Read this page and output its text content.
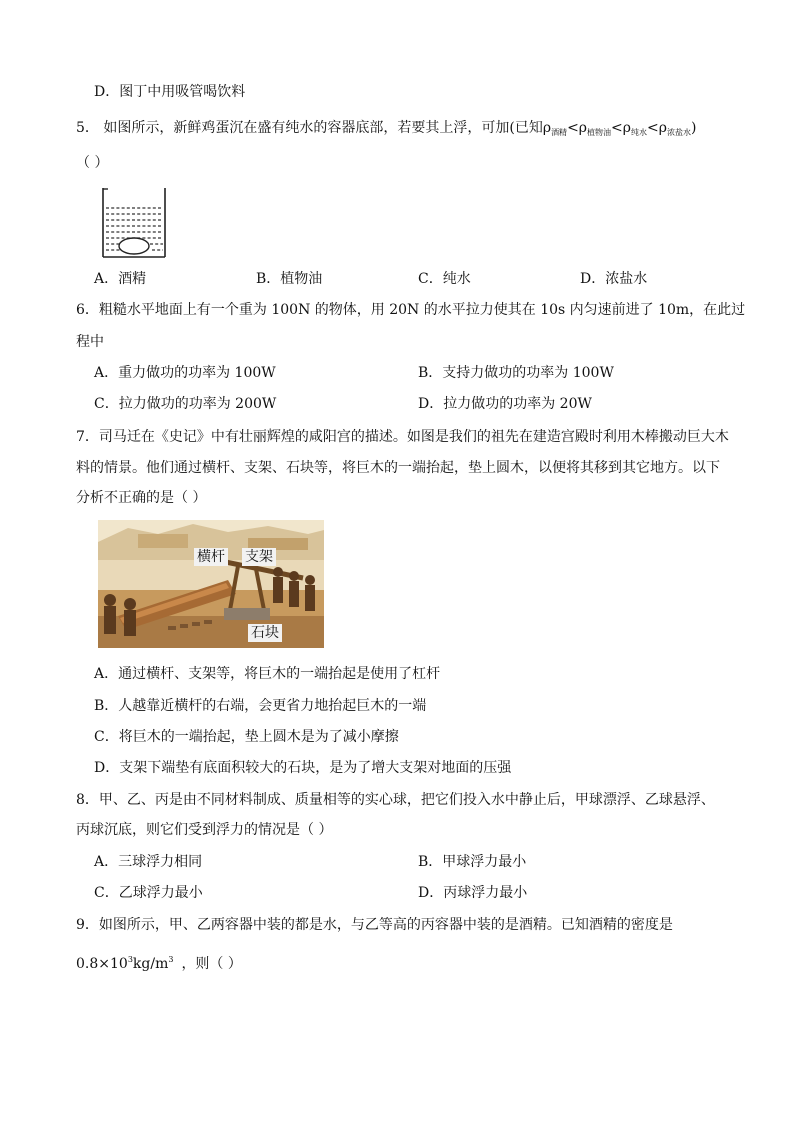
D．图丁中用吸管喝饮料
5． 如图所示，新鲜鸡蛋沉在盛有纯水的容器底部，若要其上浮，可加(已知$\rho_{酒精}<\rho_{植物油}<\rho_{纯水}<\rho_{浓盐水}$)
（ ）
A．酒精	B．植物油	C．纯水	D．浓盐水
6．粗糙水平地面上有一个重为 100N 的物体，用 20N 的水平拉力使其在 10s 内匀速前进了 10m，在此过
程中
A．重力做功的功率为 100W	B．支持力做功的功率为 100W
C．拉力做功的功率为 200W	D．拉力做功的功率为 20W
7．司马迁在《史记》中有壮丽辉煌的咸阳宫的描述。如图是我们的祖先在建造宫殿时利用木棒搬动巨大木
料的情景。他们通过横杆、支架、石块等，将巨木的一端抬起，垫上圆木，以便将其移到其它地方。以下
分析不正确的是（ ）
横杆 支架
石块
A．通过横杆、支架等，将巨木的一端抬起是使用了杠杆
B．人越靠近横杆的右端，会更省力地抬起巨木的一端
C．将巨木的一端抬起，垫上圆木是为了减小摩擦
D．支架下端垫有底面积较大的石块，是为了增大支架对地面的压强
8．甲、乙、丙是由不同材料制成、质量相等的实心球，把它们投入水中静止后，甲球漂浮、乙球悬浮、
丙球沉底，则它们受到浮力的情况是（ ）
A．三球浮力相同	B．甲球浮力最小
C．乙球浮力最小	D．丙球浮力最小
9．如图所示，甲、乙两容器中装的都是水，与乙等高的丙容器中装的是酒精。已知酒精的密度是
$0.8\times 10^3kg/m^3$ ，则（ ）
